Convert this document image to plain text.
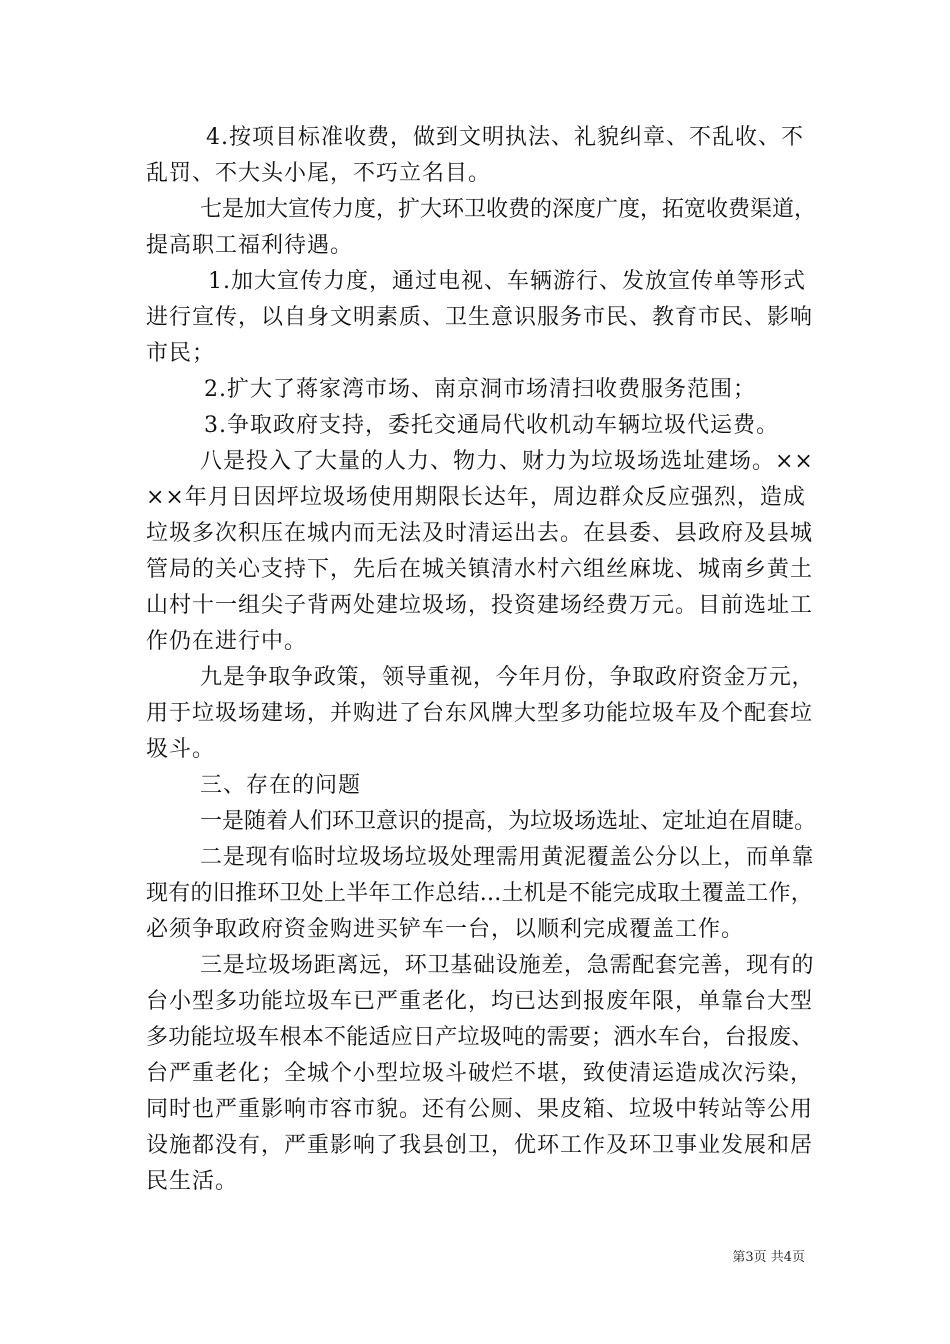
4.按项目标准收费，做到文明执法、礼貌纠章、不乱收、不
乱罚、不大头小尾，不巧立名目。
七是加大宣传力度，扩大环卫收费的深度广度，拓宽收费渠道，
提高职工福利待遇。
1.加大宣传力度，通过电视、车辆游行、发放宣传单等形式
进行宣传，以自身文明素质、卫生意识服务市民、教育市民、影响
市民；
2.扩大了蒋家湾市场、南京洞市场清扫收费服务范围；
3.争取政府支持，委托交通局代收机动车辆垃圾代运费。
八是投入了大量的人力、物力、财力为垃圾场选址建场。××
××年月日因坪垃圾场使用期限长达年，周边群众反应强烈，造成
垃圾多次积压在城内而无法及时清运出去。在县委、县政府及县城
管局的关心支持下，先后在城关镇清水村六组丝麻垅、城南乡黄土
山村十一组尖子背两处建垃圾场，投资建场经费万元。目前选址工
作仍在进行中。
九是争取争政策，领导重视，今年月份，争取政府资金万元，
用于垃圾场建场，并购进了台东风牌大型多功能垃圾车及个配套垃
圾斗。
三、存在的问题
一是随着人们环卫意识的提高，为垃圾场选址、定址迫在眉睫。
二是现有临时垃圾场垃圾处理需用黄泥覆盖公分以上，而单靠
现有的旧推环卫处上半年工作总结...土机是不能完成取土覆盖工作，
必须争取政府资金购进买铲车一台，以顺利完成覆盖工作。
三是垃圾场距离远，环卫基础设施差，急需配套完善，现有的
台小型多功能垃圾车已严重老化，均已达到报废年限，单靠台大型
多功能垃圾车根本不能适应日产垃圾吨的需要；洒水车台，台报废、
台严重老化；全城个小型垃圾斗破烂不堪，致使清运造成次污染，
同时也严重影响市容市貌。还有公厕、果皮箱、垃圾中转站等公用
设施都没有，严重影响了我县创卫，优环工作及环卫事业发展和居
民生活。
第3页 共4页
